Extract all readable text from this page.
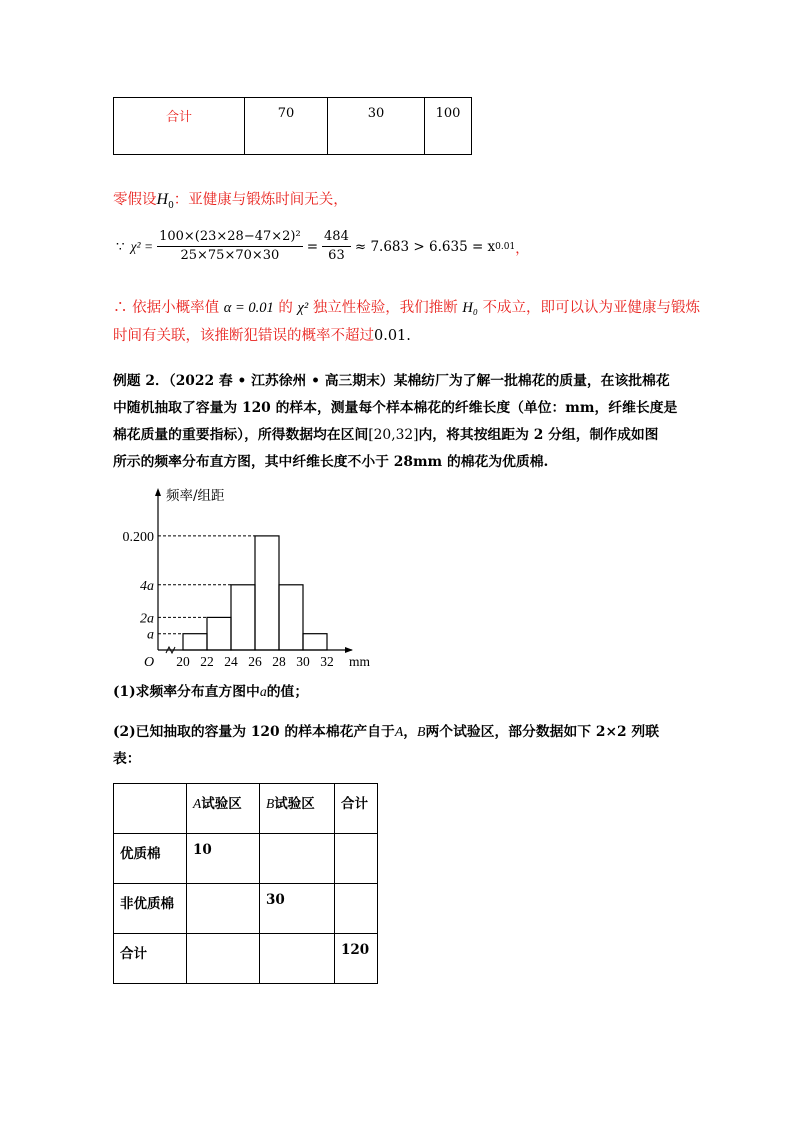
合计	70	30	100
零假设$H_0$：亚健康与锻炼时间无关，
∵ $\chi^2 = \frac{\text{100×(23×28−47×2)²}}{25\times 75\times 70\times 30} = \frac{484}{63} \approx 7.683 > 6.635 = x$ 0.01 ，
∴ 依据小概率值 α = 0.01 的 χ² 独立性检验，我们推断 H₀ 不成立，即可以认为亚健康与锻炼
时间有关联，该推断犯错误的概率不超过0.01.
例题 2．（2022 春 • 江苏徐州 • 高三期末）某棉纺厂为了解一批棉花的质量，在该批棉花
中随机抽取了容量为 120 的样本，测量每个样本棉花的纤维长度（单位：mm，纤维长度是
棉花质量的重要指标），所得数据均在区间[20,32]内，将其按组距为 2 分组，制作成如图
所示的频率分布直方图，其中纤维长度不小于 28mm 的棉花为优质棉.
a
2a
4a
0.200
20 22 24 26 28 30 32 mm
O
频率/组距
(1)求频率分布直方图中a的值；
(2)已知抽取的容量为 120 的样本棉花产自于A，B两个试验区，部分数据如下 2×2 列联
表：
	A试验区	B试验区	合计
优质棉	10		
非优质棉		30	
合计			120
